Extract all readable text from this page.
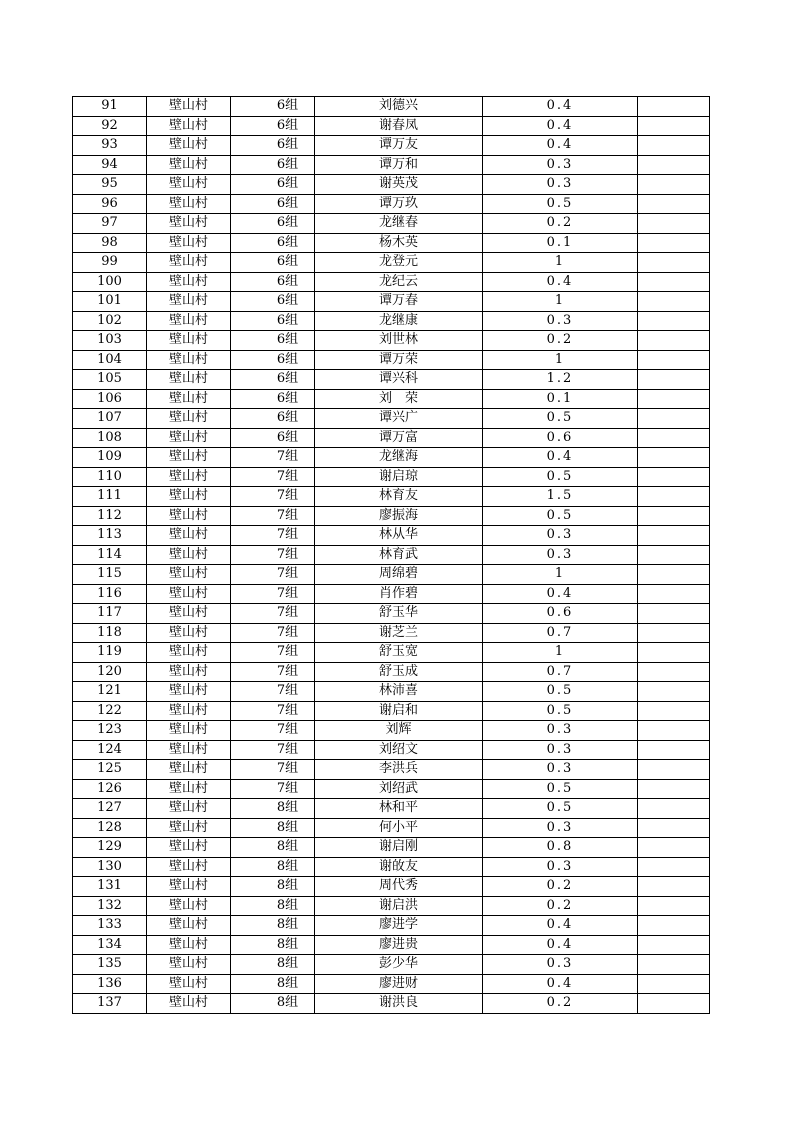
91	壁山村	6组	刘德兴	0.4	
92	壁山村	6组	谢春凤	0.4	
93	壁山村	6组	谭万友	0.4	
94	壁山村	6组	谭万和	0.3	
95	壁山村	6组	谢英茂	0.3	
96	壁山村	6组	谭万玖	0.5	
97	壁山村	6组	龙继春	0.2	
98	壁山村	6组	杨木英	0.1	
99	壁山村	6组	龙登元	1	
100	壁山村	6组	龙纪云	0.4	
101	壁山村	6组	谭万春	1	
102	壁山村	6组	龙继康	0.3	
103	壁山村	6组	刘世林	0.2	
104	壁山村	6组	谭万荣	1	
105	壁山村	6组	谭兴科	1.2	
106	壁山村	6组	刘　荣	0.1	
107	壁山村	6组	谭兴广	0.5	
108	壁山村	6组	谭万富	0.6	
109	壁山村	7组	龙继海	0.4	
110	壁山村	7组	谢启琼	0.5	
111	壁山村	7组	林育友	1.5	
112	壁山村	7组	廖振海	0.5	
113	壁山村	7组	林从华	0.3	
114	壁山村	7组	林育武	0.3	
115	壁山村	7组	周绵碧	1	
116	壁山村	7组	肖作碧	0.4	
117	壁山村	7组	舒玉华	0.6	
118	壁山村	7组	谢芝兰	0.7	
119	壁山村	7组	舒玉宽	1	
120	壁山村	7组	舒玉成	0.7	
121	壁山村	7组	林沛喜	0.5	
122	壁山村	7组	谢启和	0.5	
123	壁山村	7组	刘辉	0.3	
124	壁山村	7组	刘绍文	0.3	
125	壁山村	7组	李洪兵	0.3	
126	壁山村	7组	刘绍武	0.5	
127	壁山村	8组	林和平	0.5	
128	壁山村	8组	何小平	0.3	
129	壁山村	8组	谢启刚	0.8	
130	壁山村	8组	谢敀友	0.3	
131	壁山村	8组	周代秀	0.2	
132	壁山村	8组	谢启洪	0.2	
133	壁山村	8组	廖进学	0.4	
134	壁山村	8组	廖进贵	0.4	
135	壁山村	8组	彭少华	0.3	
136	壁山村	8组	廖进财	0.4	
137	壁山村	8组	谢洪良	0.2	
